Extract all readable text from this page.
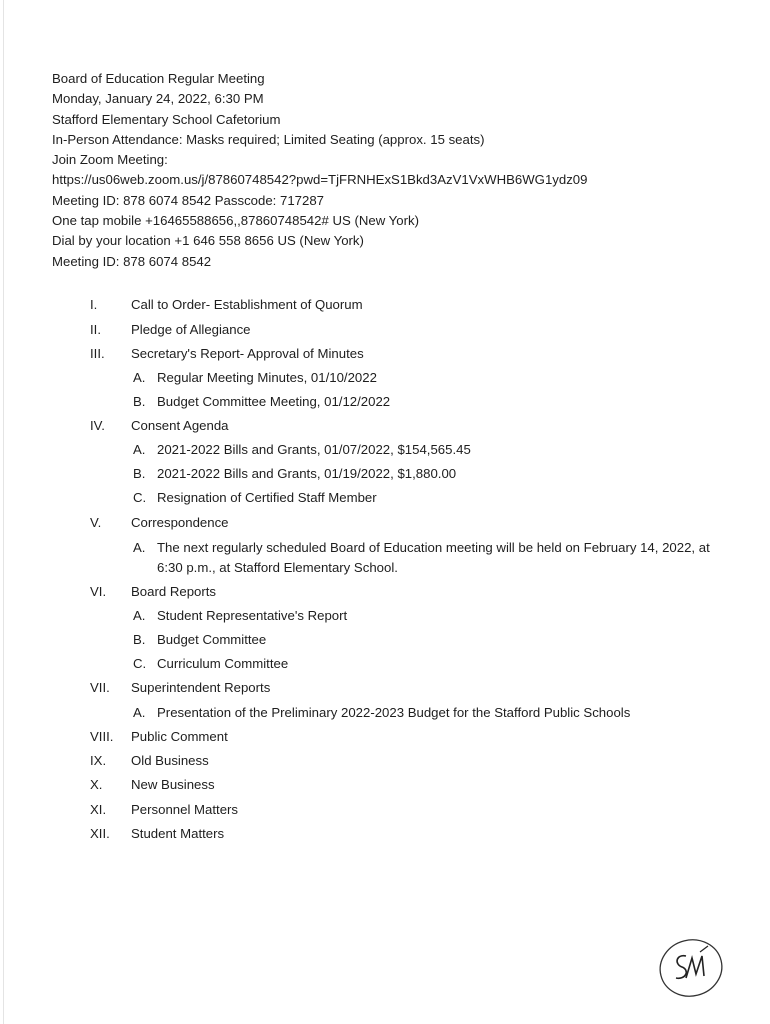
Board of Education Regular Meeting
Monday, January 24, 2022, 6:30 PM
Stafford Elementary School Cafetorium
In-Person Attendance: Masks required; Limited Seating (approx. 15 seats)
Join Zoom Meeting:
https://us06web.zoom.us/j/87860748542?pwd=TjFRNHExS1Bkd3AzV1VxWHB6WG1ydz09
Meeting ID: 878 6074 8542 Passcode: 717287
One tap mobile +16465588656,,87860748542# US (New York)
Dial by your location +1 646 558 8656 US (New York)
Meeting ID: 878 6074 8542
I.	Call to Order- Establishment of Quorum
II. Pledge of Allegiance
III. Secretary's Report- Approval of Minutes
A. Regular Meeting Minutes, 01/10/2022
B. Budget Committee Meeting, 01/12/2022
IV. Consent Agenda
A. 2021-2022 Bills and Grants, 01/07/2022, $154,565.45
B. 2021-2022 Bills and Grants, 01/19/2022, $1,880.00
C. Resignation of Certified Staff Member
V. Correspondence
A. The next regularly scheduled Board of Education meeting will be held on February 14, 2022, at 6:30 p.m., at Stafford Elementary School.
VI. Board Reports
A. Student Representative's Report
B. Budget Committee
C. Curriculum Committee
VII. Superintendent Reports
A. Presentation of the Preliminary 2022-2023 Budget for the Stafford Public Schools
VIII. Public Comment
IX. Old Business
X. New Business
XI. Personnel Matters
XII. Student Matters
